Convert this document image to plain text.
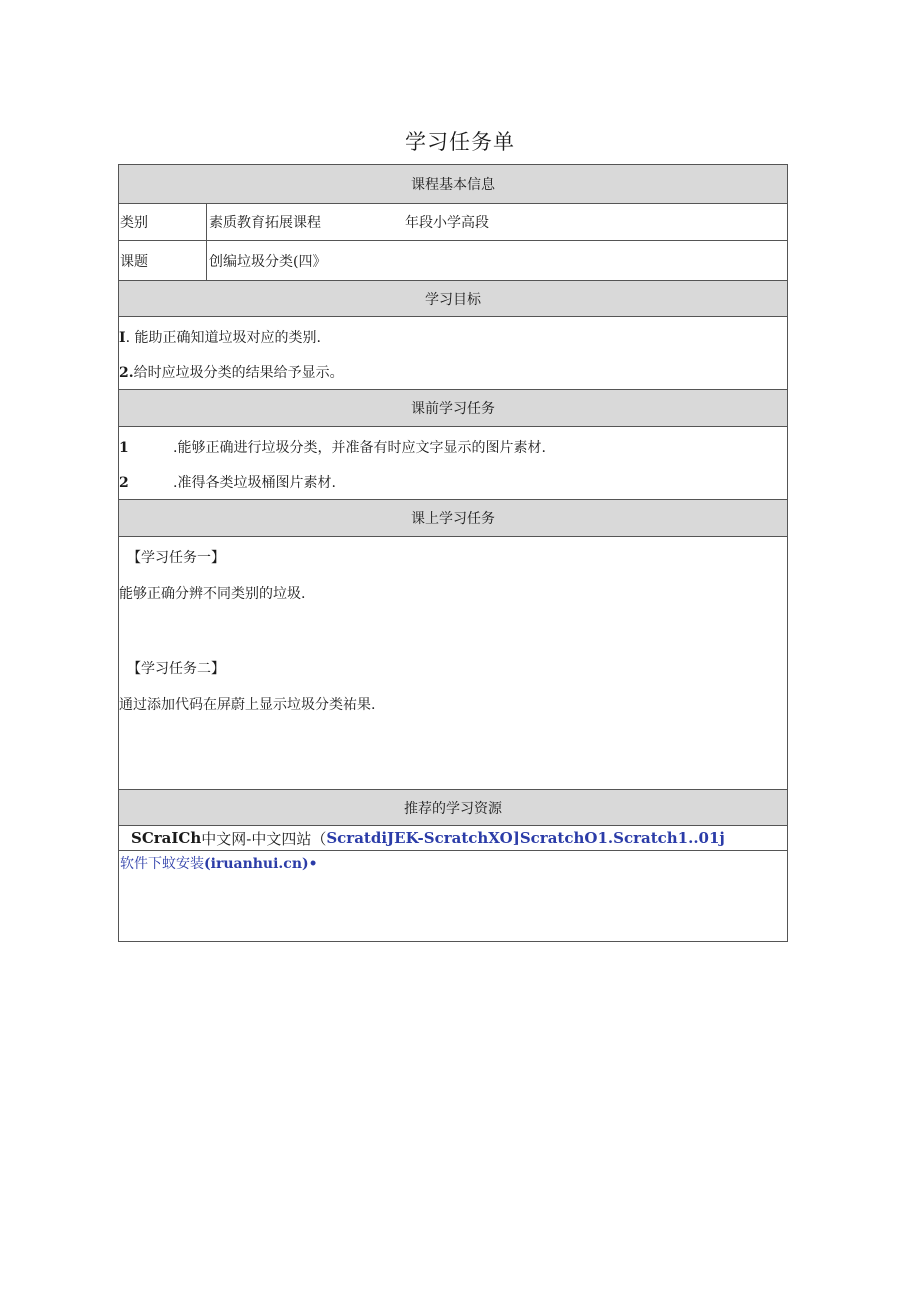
学习任务单
课程基本信息
类别	素质教育拓展课程	年段小学高段
课题	创编垃圾分类(四》
学习目标
I. 能助正确知道垃圾对应的类别.
2.给时应垃圾分类的结果给予显示。
课前学习任务
1	.能够正确进行垃圾分类，并准备有时应文字显示的图片素材.
2	.准得各类垃圾桶图片素材.
课上学习任务
【学习任务一】
能够正确分辨不同类别的垃圾.
【学习任务二】
通过添加代码在屏蔚上显示垃圾分类祐果.
推荐的学习资源
SCraICh 中文网-中文四站（ ScratdiJEK-ScratchXO]ScratchO1.Scratch1..01j
软件下蚊安装(iruanhui.cn)•
